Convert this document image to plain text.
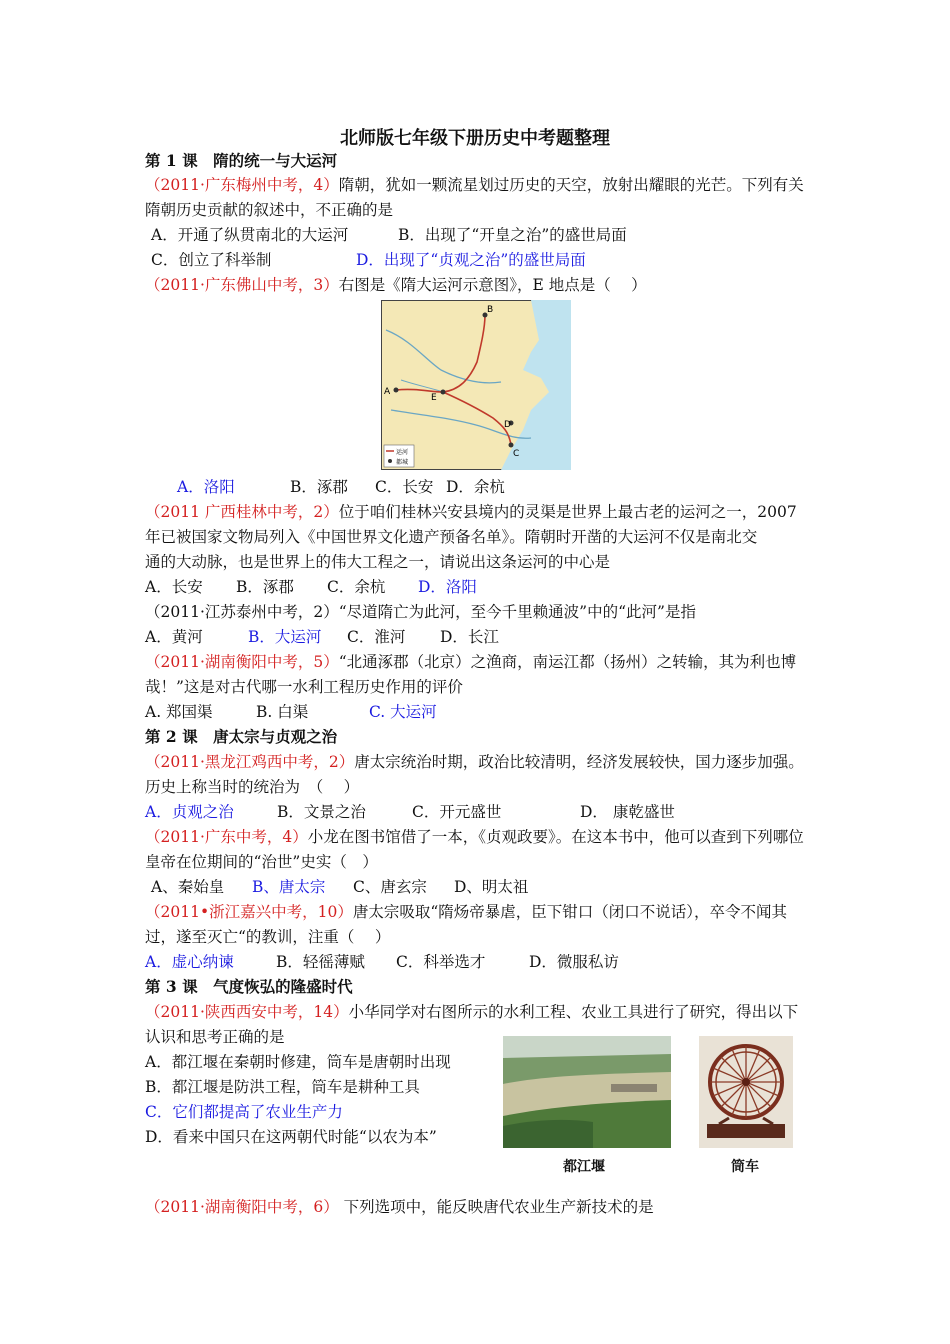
北师版七年级下册历史中考题整理
第 1 课　隋的统一与大运河
（2011·广东梅州中考，4）隋朝，犹如一颗流星划过历史的天空，放射出耀眼的光芒。下列有关
隋朝历史贡献的叙述中，不正确的是
A．开通了纵贯南北的大运河	B．出现了“开皇之治”的盛世局面
C．创立了科举制	D．出现了“贞观之治”的盛世局面
（2011·广东佛山中考，3）右图是《隋大运河示意图》，E 地点是（　 ）
B
A
E
D
C
运河
都城
A．洛阳	B．涿郡 C．长安 D．余杭
（2011 广西桂林中考，2）位于咱们桂林兴安县境内的灵渠是世界上最古老的运河之一，2007
年已被国家文物局列入《中国世界文化遗产预备名单》。隋朝时开凿的大运河不仅是南北交
通的大动脉，也是世界上的伟大工程之一，请说出这条运河的中心是
A．长安 B．涿郡 C．余杭 D．洛阳
（2011·江苏泰州中考，2）“尽道隋亡为此河，至今千里赖通波”中的“此河”是指
A．黄河	B．大运河 C．淮河 D．长江
（2011·湖南衡阳中考，5）“北通涿郡（北京）之渔商，南运江都（扬州）之转输，其为利也博
哉！”这是对古代哪一水利工程历史作用的评价
A. 郑国渠	B. 白渠	C. 大运河
第 2 课　唐太宗与贞观之治
（2011·黑龙江鸡西中考，2）唐太宗统治时期，政治比较清明，经济发展较快，国力逐步加强。
历史上称当时的统治为　（　 ）
A．贞观之治	B．文景之治	C．开元盛世	D． 康乾盛世
（2011·广东中考，4）小龙在图书馆借了一本，《贞观政要》。在这本书中，他可以查到下列哪位
皇帝在位期间的“治世”史实（　）
A、秦始皇 B、唐太宗 C、唐玄宗 D、明太祖
（2011•浙江嘉兴中考，10）唐太宗吸取“隋炀帝暴虐，臣下钳口（闭口不说话），卒令不闻其
过，遂至灭亡“的教训，注重（　 ）
A．虚心纳谏	B．轻徭薄赋 C．科举选才	D．微服私访
第 3 课　气度恢弘的隆盛时代
（2011·陕西西安中考，14）小华同学对右图所示的水利工程、农业工具进行了研究，得出以下
认识和思考正确的是
A．都江堰在秦朝时修建，筒车是唐朝时出现
B．都江堰是防洪工程，筒车是耕种工具
C．它们都提高了农业生产力
D．看来中国只在这两朝代时能“以农为本”
都江堰	筒车
（2011·湖南衡阳中考，6） 下列选项中，能反映唐代农业生产新技术的是
